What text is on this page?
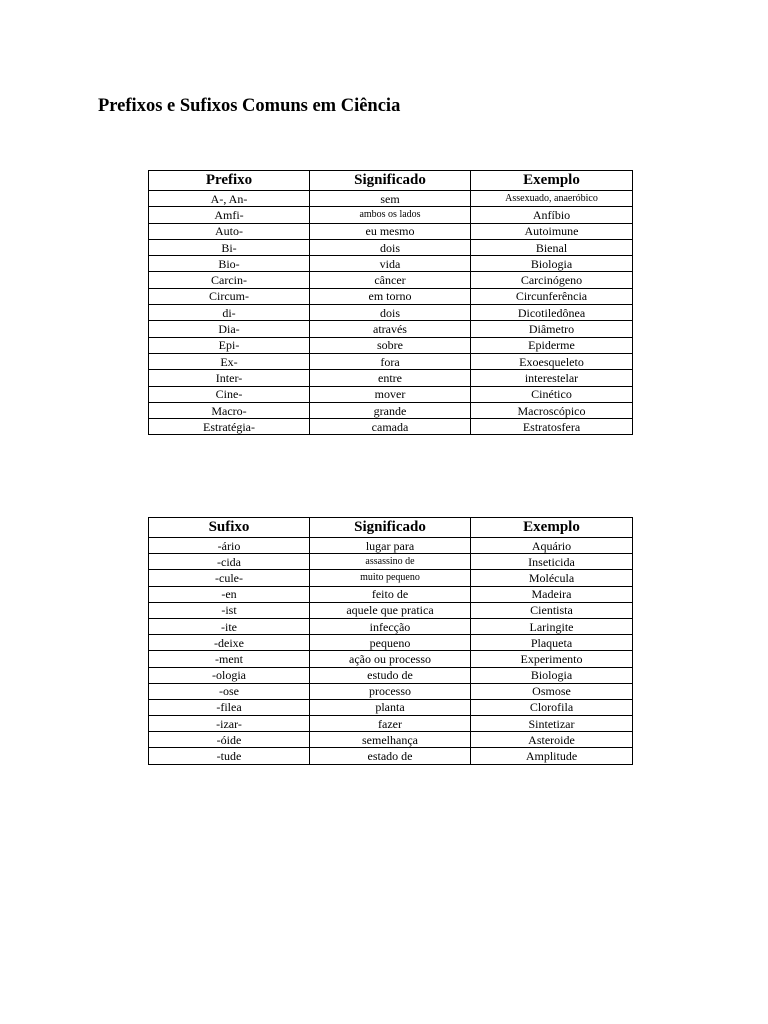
Prefixos e Sufixos Comuns em Ciência
Prefixo	Significado	Exemplo
A-, An-	sem	Assexuado, anaeróbico
Amfi-	ambos os lados	Anfíbio
Auto-	eu mesmo	Autoimune
Bi-	dois	Bienal
Bio-	vida	Biologia
Carcin-	câncer	Carcinógeno
Circum-	em torno	Circunferência
di-	dois	Dicotiledônea
Dia-	através	Diâmetro
Epi-	sobre	Epiderme
Ex-	fora	Exoesqueleto
Inter-	entre	interestelar
Cine-	mover	Cinético
Macro-	grande	Macroscópico
Estratégia-	camada	Estratosfera
Sufixo	Significado	Exemplo
-ário	lugar para	Aquário
-cida	assassino de	Inseticida
-cule-	muito pequeno	Molécula
-en	feito de	Madeira
-ist	aquele que pratica	Cientista
-ite	infecção	Laringite
-deixe	pequeno	Plaqueta
-ment	ação ou processo	Experimento
-ologia	estudo de	Biologia
-ose	processo	Osmose
-filea	planta	Clorofila
-izar-	fazer	Sintetizar
-óide	semelhança	Asteroide
-tude	estado de	Amplitude
